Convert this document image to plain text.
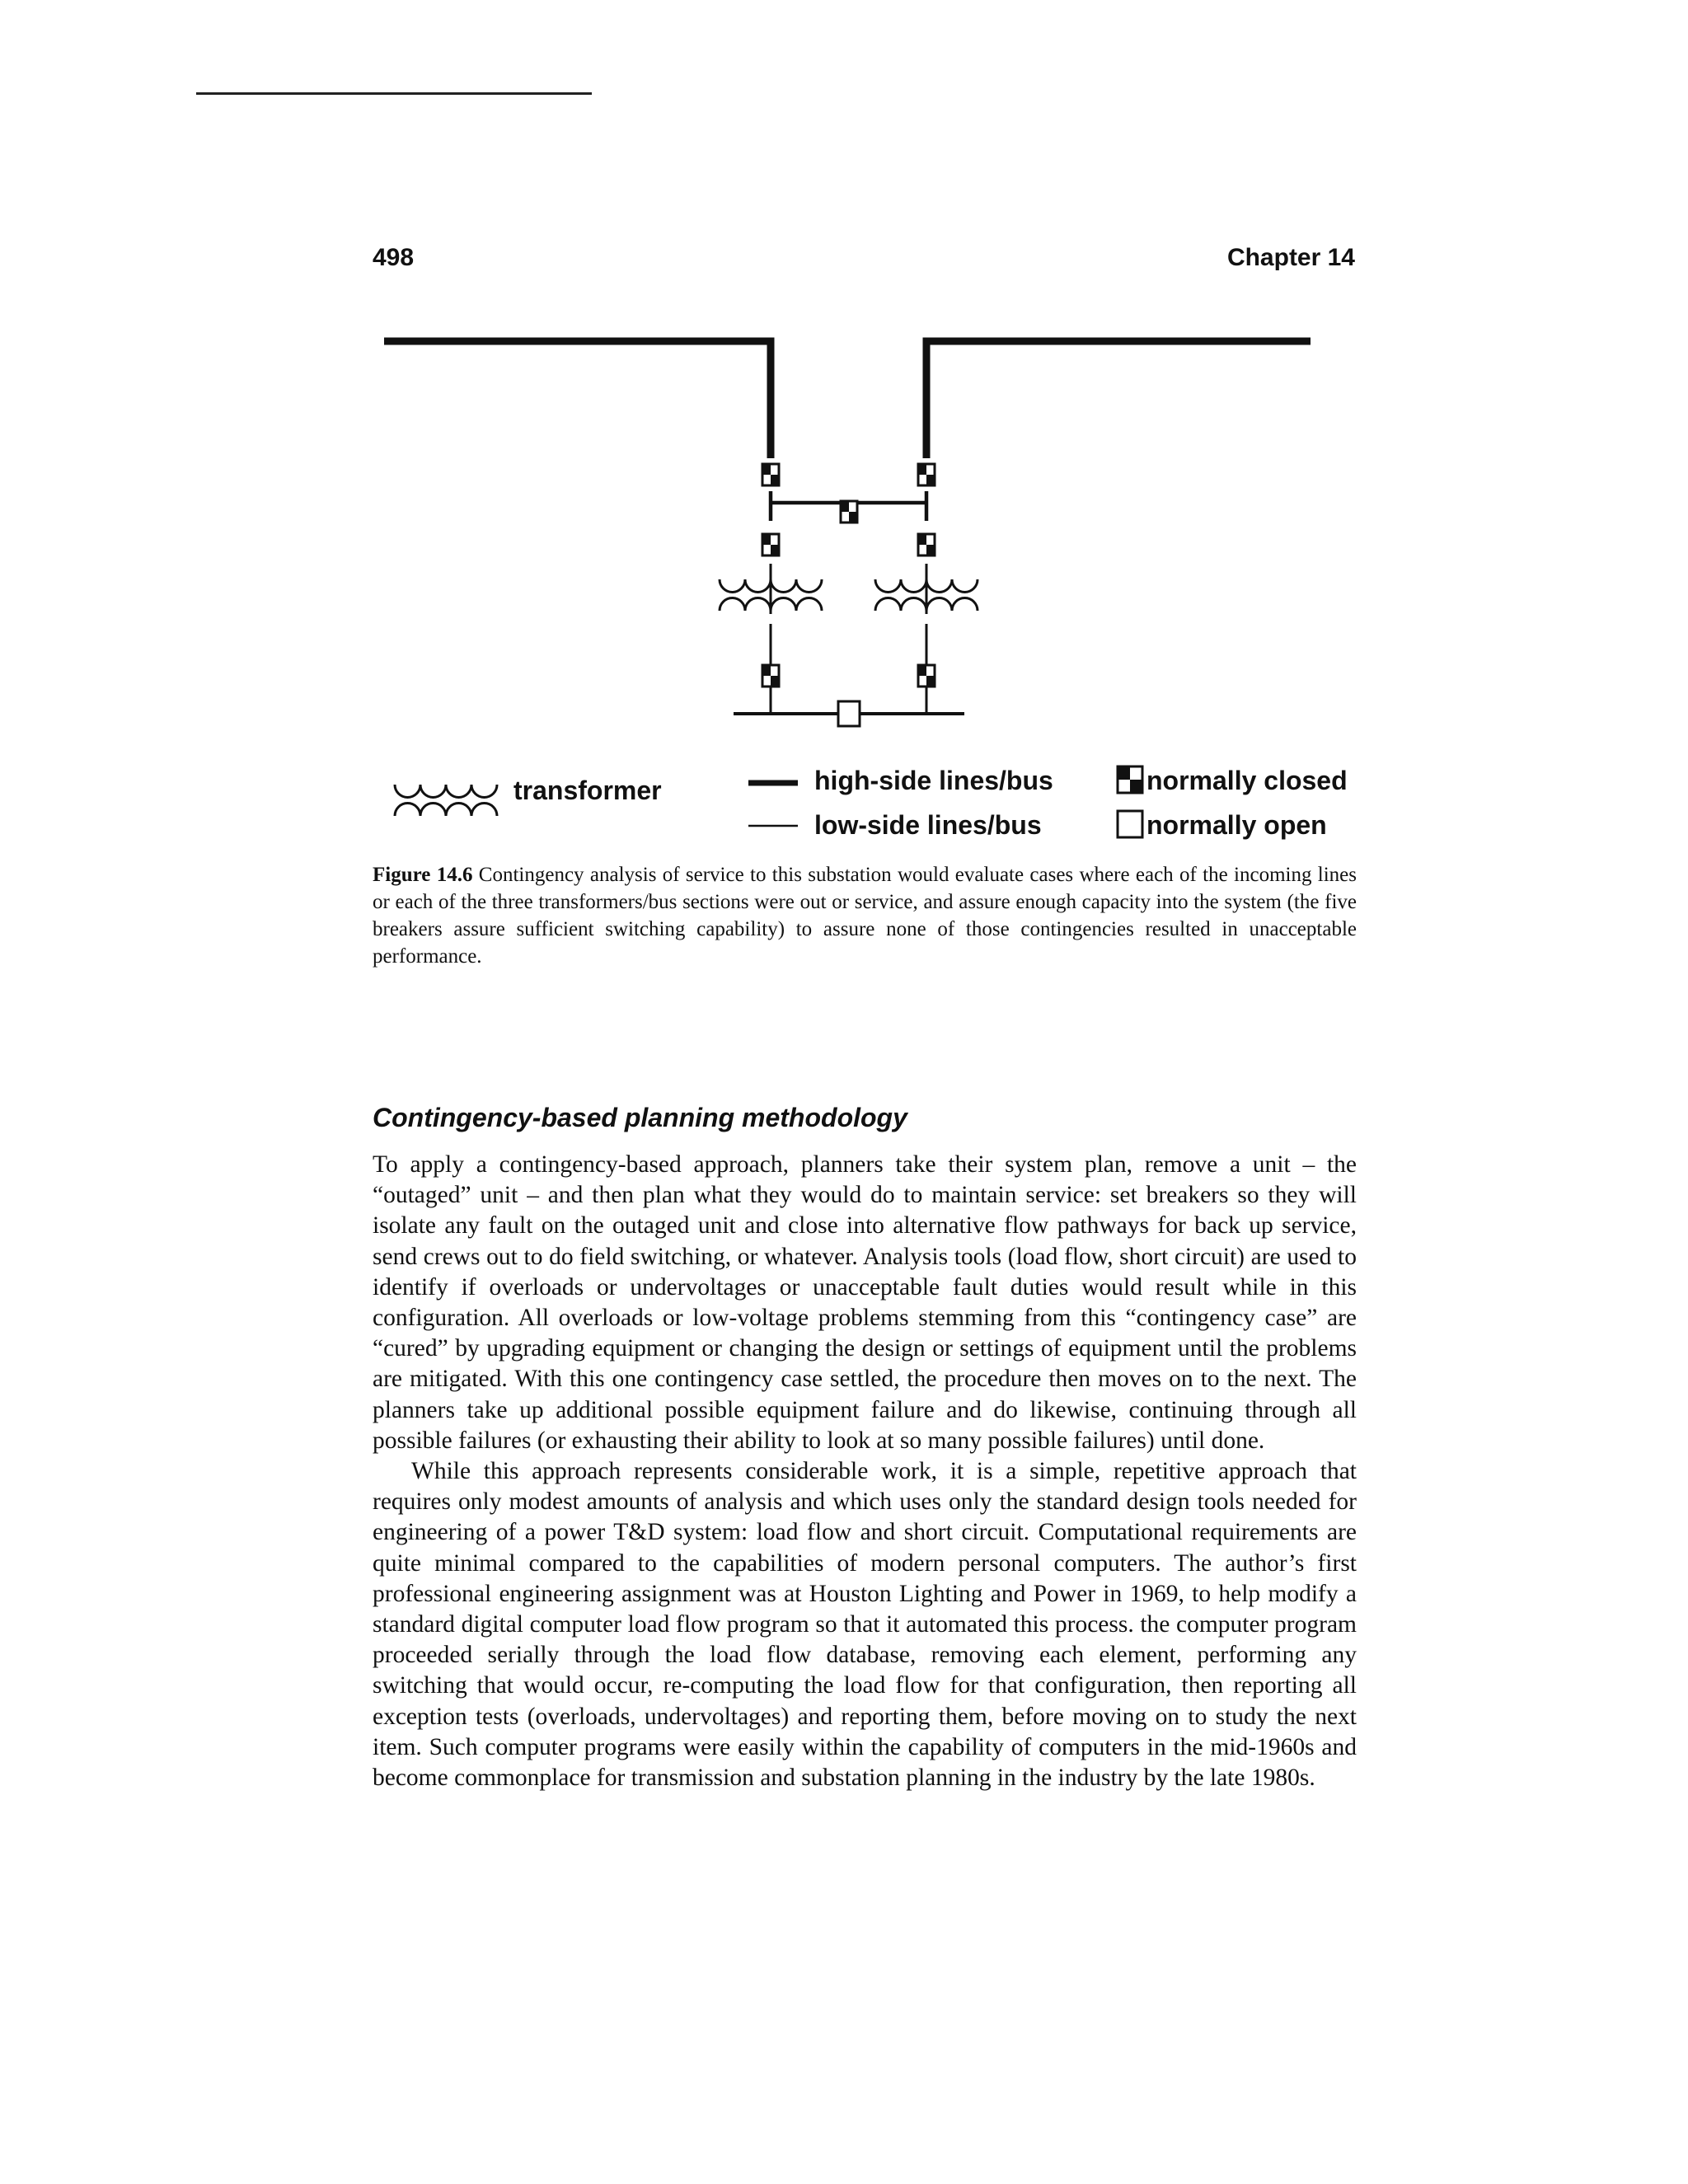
498	Chapter 14
transformer	high-side lines/bus
low-side lines/bus
normally closed
normally open

Figure 14.6 Contingency analysis of service to this substation would evaluate cases where each of the incoming lines or each of the three transformers/bus sections were out or service, and assure enough capacity into the system (the five breakers assure sufficient switching capability) to assure none of those contingencies resulted in unacceptable performance.

Contingency-based planning methodology

To apply a contingency-based approach, planners take their system plan, remove a unit – the “outaged” unit – and then plan what they would do to maintain service: set breakers so they will isolate any fault on the outaged unit and close into alternative flow pathways for back up service, send crews out to do field switching, or whatever. Analysis tools (load flow, short circuit) are used to identify if overloads or undervoltages or unacceptable fault duties would result while in this configuration. All overloads or low-voltage problems stemming from this “contingency case” are “cured” by upgrading equipment or changing the design or settings of equipment until the problems are mitigated. With this one contingency case settled, the procedure then moves on to the next. The planners take up additional possible equipment failure and do likewise, continuing through all possible failures (or exhausting their ability to look at so many possible failures) until done.

While this approach represents considerable work, it is a simple, repetitive approach that requires only modest amounts of analysis and which uses only the standard design tools needed for engineering of a power T&D system: load flow and short circuit. Computational requirements are quite minimal compared to the capabilities of modern personal computers. The author’s first professional engineering assignment was at Houston Lighting and Power in 1969, to help modify a standard digital computer load flow program so that it automated this process. the computer program proceeded serially through the load flow database, removing each element, performing any switching that would occur, re-computing the load flow for that configuration, then reporting all exception tests (overloads, undervoltages) and reporting them, before moving on to study the next item. Such computer programs were easily within the capability of computers in the mid-1960s and become commonplace for transmission and substation planning in the industry by the late 1980s.
